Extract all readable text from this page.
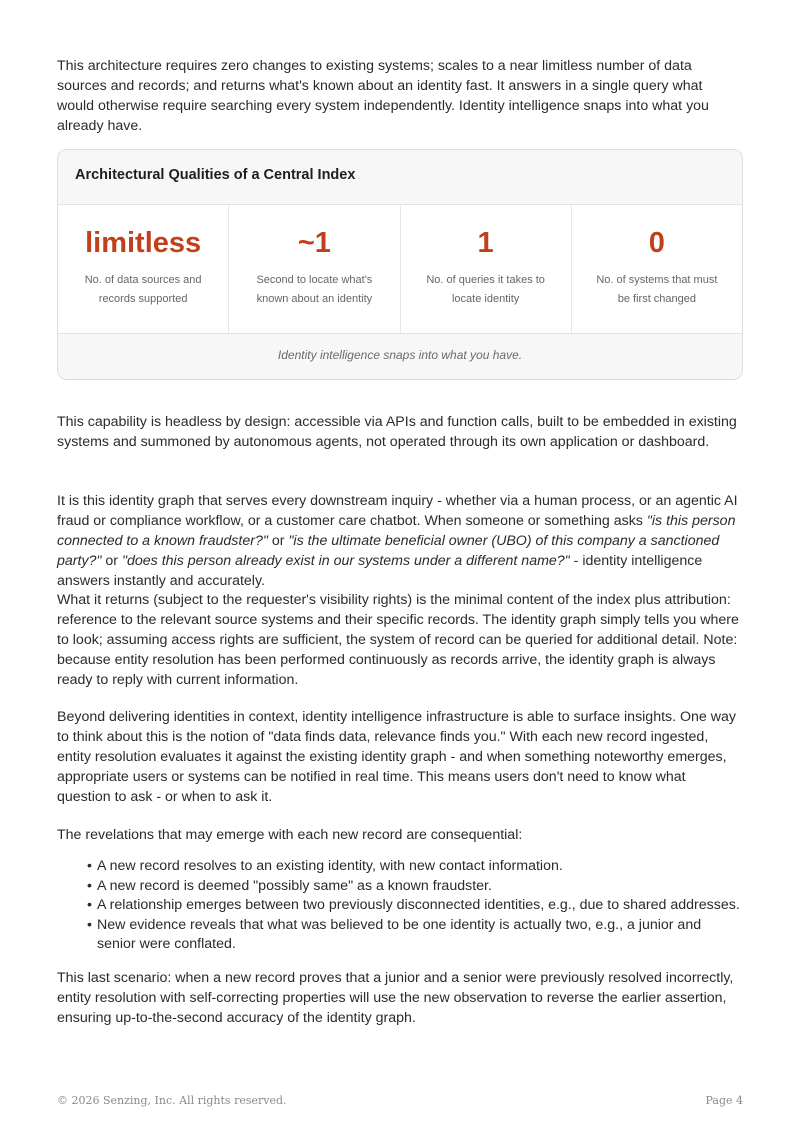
This architecture requires zero changes to existing systems; scales to a near limitless number of data sources and records; and returns what's known about an identity fast. It answers in a single query what would otherwise require searching every system independently. Identity intelligence snaps into what you already have.

Architectural Qualities of a Central Index
limitless
No. of data sources and records supported
~1
Second to locate what's known about an identity
1
No. of queries it takes to locate identity
0
No. of systems that must be first changed
Identity intelligence snaps into what you have.

This capability is headless by design: accessible via APIs and function calls, built to be embedded in existing systems and summoned by autonomous agents, not operated through its own application or dashboard.

It is this identity graph that serves every downstream inquiry - whether via a human process, or an agentic AI fraud or compliance workflow, or a customer care chatbot. When someone or something asks "is this person connected to a known fraudster?" or "is the ultimate beneficial owner (UBO) of this company a sanctioned party?" or "does this person already exist in our systems under a different name?" - identity intelligence answers instantly and accurately.

What it returns (subject to the requester's visibility rights) is the minimal content of the index plus attribution: reference to the relevant source systems and their specific records. The identity graph simply tells you where to look; assuming access rights are sufficient, the system of record can be queried for additional detail. Note: because entity resolution has been performed continuously as records arrive, the identity graph is always ready to reply with current information.

Beyond delivering identities in context, identity intelligence infrastructure is able to surface insights. One way to think about this is the notion of "data finds data, relevance finds you." With each new record ingested, entity resolution evaluates it against the existing identity graph - and when something noteworthy emerges, appropriate users or systems can be notified in real time. This means users don't need to know what question to ask - or when to ask it.

The revelations that may emerge with each new record are consequential:

• A new record resolves to an existing identity, with new contact information.
• A new record is deemed "possibly same" as a known fraudster.
• A relationship emerges between two previously disconnected identities, e.g., due to shared addresses.
• New evidence reveals that what was believed to be one identity is actually two, e.g., a junior and senior were conflated.

This last scenario: when a new record proves that a junior and a senior were previously resolved incorrectly, entity resolution with self-correcting properties will use the new observation to reverse the earlier assertion, ensuring up-to-the-second accuracy of the identity graph.

© 2026 Senzing, Inc. All rights reserved.	Page 4
